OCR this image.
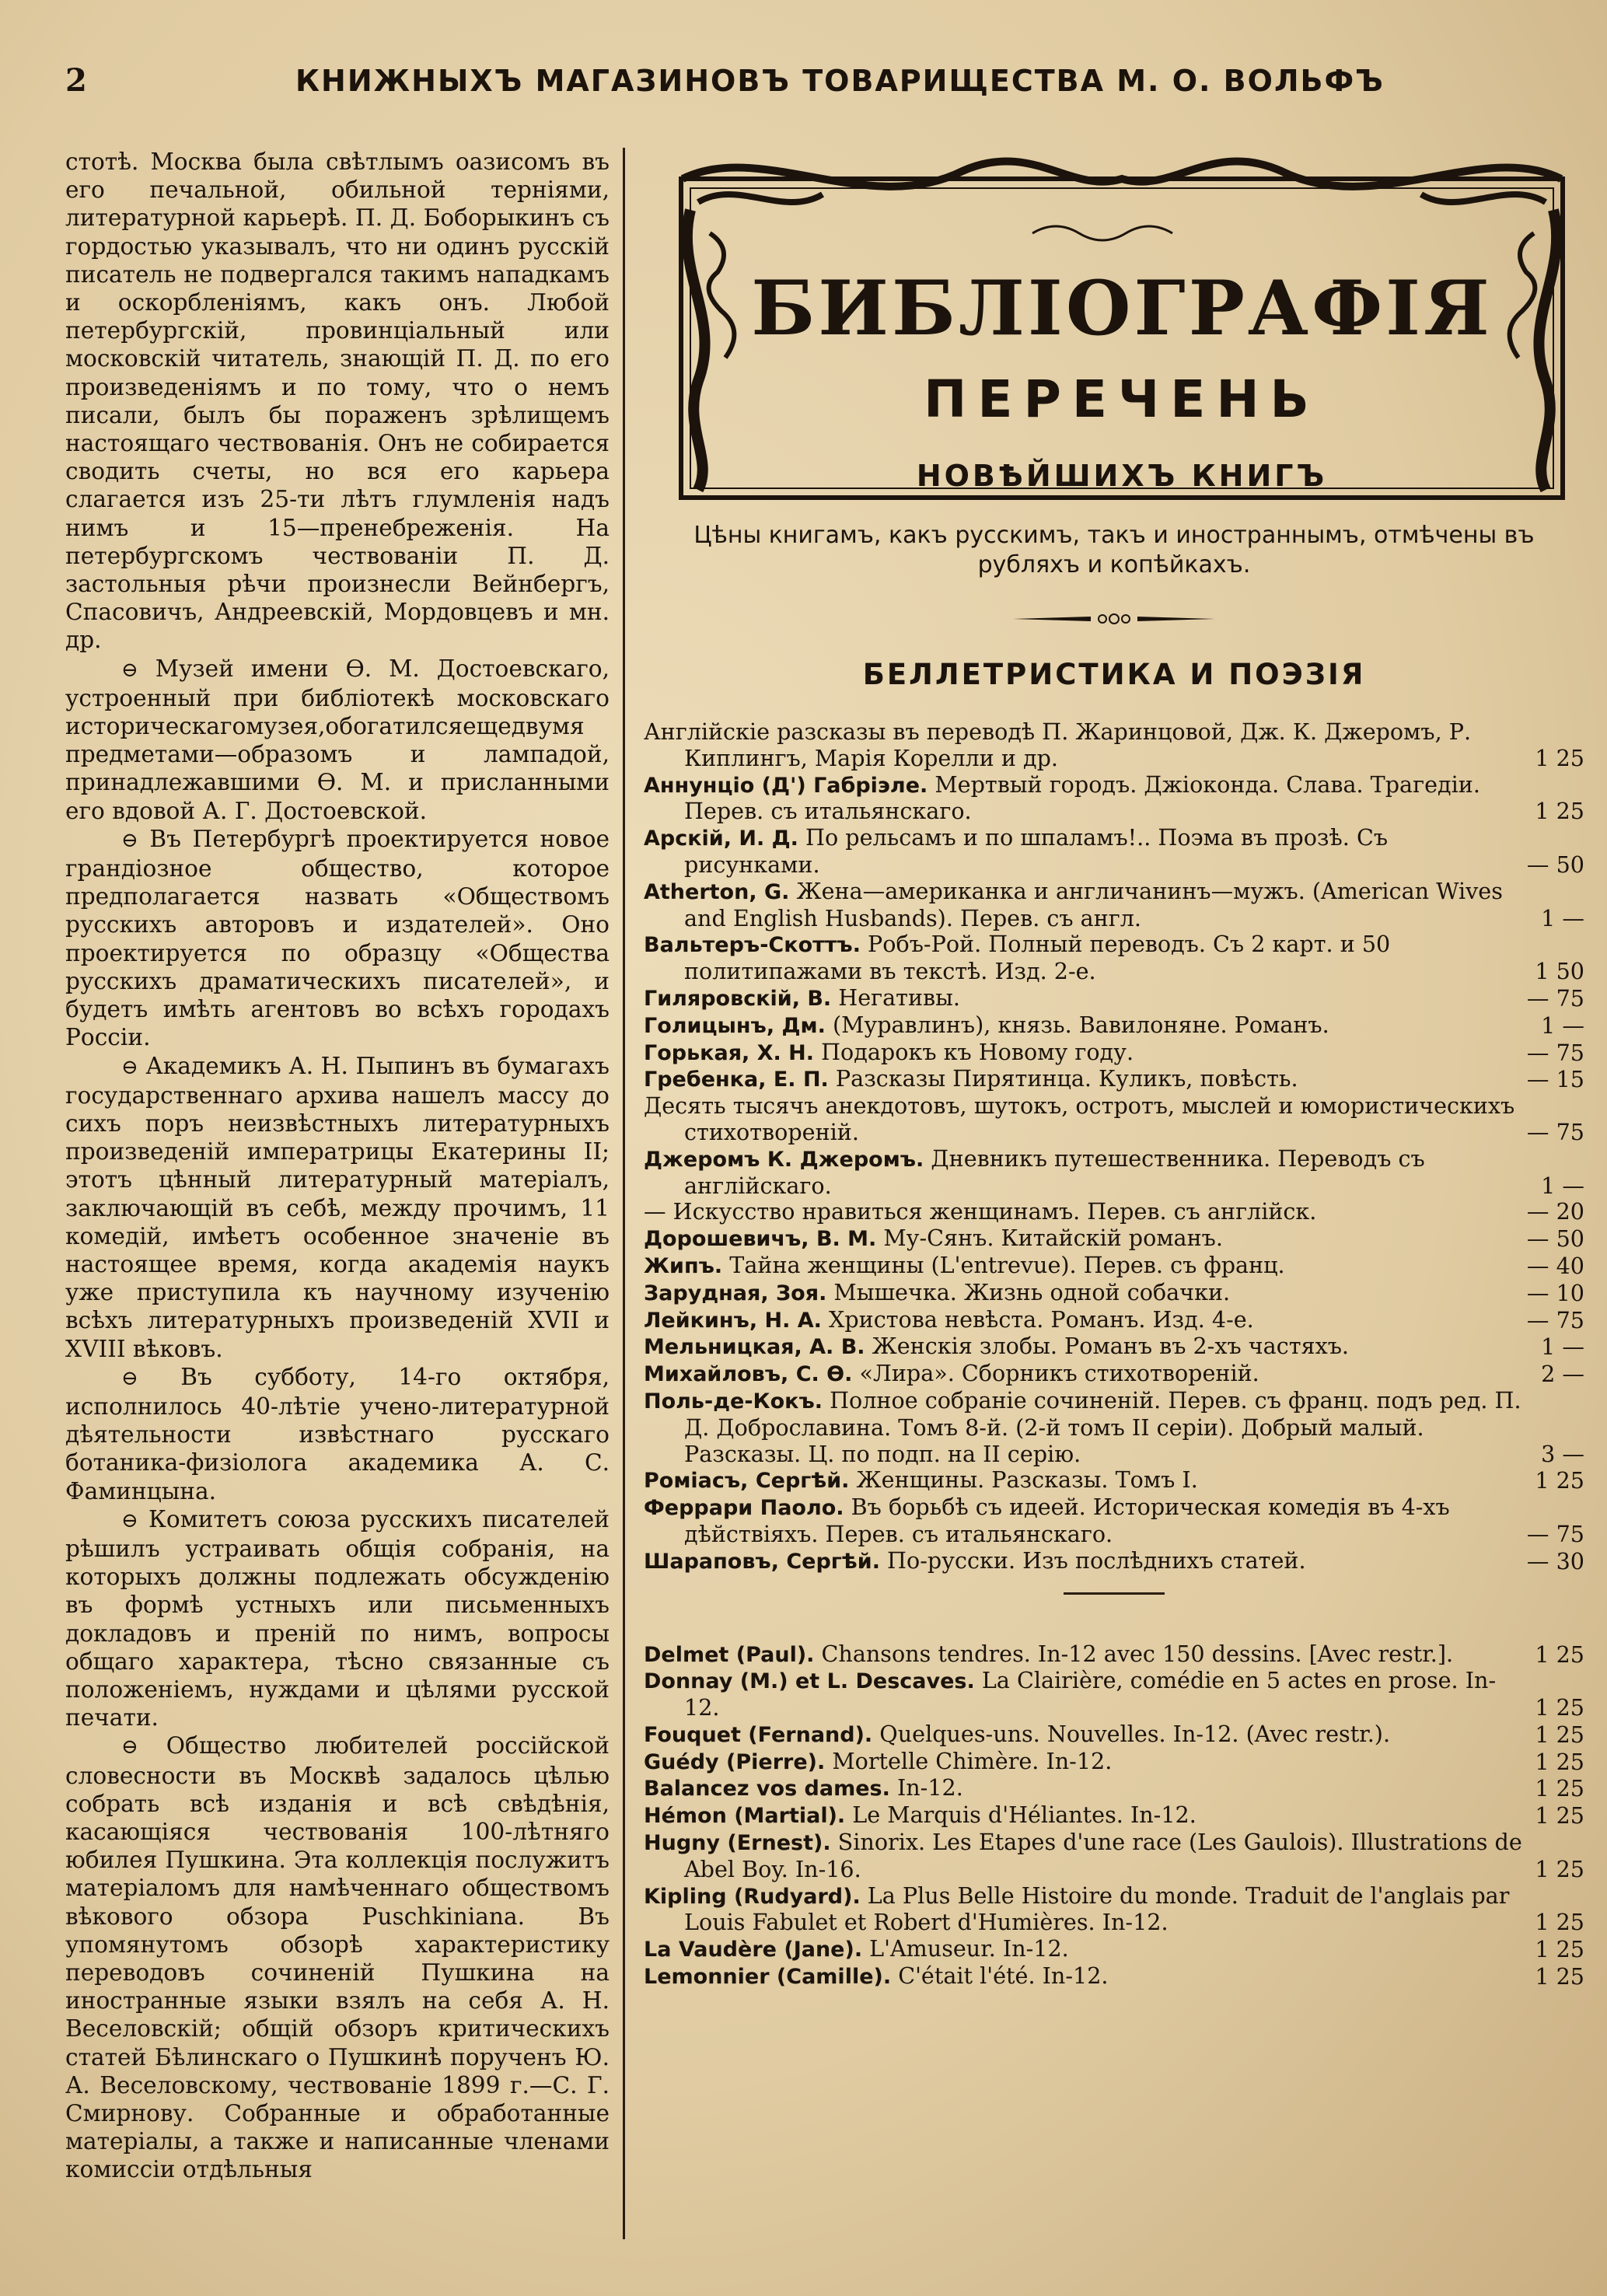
2	КНИЖНЫХЪ МАГАЗИНОВЪ ТОВАРИЩЕСТВА М. О. ВОЛЬФЪ

стотѣ. Москва была свѣтлымъ оазисомъ въ его печальной, обильной терніями, литературной карьерѣ. П. Д. Боборыкинъ съ гордостью указывалъ, что ни одинъ русскій писатель не подвергался такимъ нападкамъ и оскорбленіямъ, какъ онъ. Любой петербургскій, провинціальный или московскій читатель, знающій П. Д. по его произведеніямъ и по тому, что о немъ писали, былъ бы пораженъ зрѣлищемъ настоящаго чествованія. Онъ не собирается сводить счеты, но вся его карьера слагается изъ 25-ти лѣтъ глумленія надъ нимъ и 15—пренебреженія. На петербургскомъ чествованіи П. Д. застольныя рѣчи произнесли Вейнбергъ, Спасовичъ, Андреевскій, Мордовцевъ и мн. др.

⊖ Музей имени Ѳ. М. Достоевскаго, устроенный при библіотекѣ московскаго историческагомузея,обогатилсяещедвумя предметами—образомъ и лампадой, принадлежавшими Ѳ. М. и присланными его вдовой А. Г. Достоевской.

⊖ Въ Петербургѣ проектируется новое грандіозное общество, которое предполагается назвать «Обществомъ русскихъ авторовъ и издателей». Оно проектируется по образцу «Общества русскихъ драматическихъ писателей», и будетъ имѣть агентовъ во всѣхъ городахъ Россіи.

⊖ Академикъ А. Н. Пыпинъ въ бумагахъ государственнаго архива нашелъ массу до сихъ поръ неизвѣстныхъ литературныхъ произведеній императрицы Екатерины II; этотъ цѣнный литературный матеріалъ, заключающій въ себѣ, между прочимъ, 11 комедій, имѣетъ особенное значеніе въ настоящее время, когда академія наукъ уже приступила къ научному изученію всѣхъ литературныхъ произведеній XVII и XVIII вѣковъ.

⊖ Въ субботу, 14-го октября, исполнилось 40-лѣтіе учено-литературной дѣятельности извѣстнаго русскаго ботаника-физіолога академика А. С. Фаминцына.

⊖ Комитетъ союза русскихъ писателей рѣшилъ устраивать общія собранія, на которыхъ должны подлежать обсужденію въ формѣ устныхъ или письменныхъ докладовъ и преній по нимъ, вопросы общаго характера, тѣсно связанные съ положеніемъ, нуждами и цѣлями русской печати.

⊖ Общество любителей россійской словесности въ Москвѣ задалось цѣлью собрать всѣ изданія и всѣ свѣдѣнія, касающіяся чествованія 100-лѣтняго юбилея Пушкина. Эта коллекція послужитъ матеріаломъ для намѣченнаго обществомъ вѣкового обзора Puschkiniana. Въ упомянутомъ обзорѣ характеристику переводовъ сочиненій Пушкина на иностранные языки взялъ на себя А. Н. Веселовскій; общій обзоръ критическихъ статей Бѣлинскаго о Пушкинѣ порученъ Ю. А. Веселовскому, чествованіе 1899 г.—С. Г. Смирнову. Собранные и обработанные матеріалы, а также и написанные членами комиссіи отдѣльныя

БИБЛІОГРАФІЯ
ПЕРЕЧЕНЬ
НОВѢЙШИХЪ КНИГЪ
Цѣны книгамъ, какъ русскимъ, такъ и иностраннымъ, отмѣчены въ рубляхъ и копѣйкахъ.
БЕЛЛЕТРИСТИКА И ПОЭЗІЯ
Англійскіе разсказы въ переводѣ П. Жаринцовой, Дж. К. Джеромъ, Р. Киплингъ, Марія Корелли и др.	1 25
Аннунціо (Д') Габріэле. Мертвый городъ. Джіоконда. Слава. Трагедіи. Перев. съ итальянскаго.	1 25
Арскій, И. Д. По рельсамъ и по шпаламъ!.. Поэма въ прозѣ. Съ рисунками.	— 50
Atherton, G. Жена—американка и англичанинъ—мужъ. (American Wives and English Husbands). Перев. съ англ.	1 —
Вальтеръ-Скоттъ. Робъ-Рой. Полный переводъ. Съ 2 карт. и 50 политипажами въ текстѣ. Изд. 2-е.	1 50
Гиляровскій, В. Негативы.	— 75
Голицынъ, Дм. (Муравлинъ), князь. Вавилоняне. Романъ.	1 —
Горькая, Х. Н. Подарокъ къ Новому году.	— 75
Гребенка, Е. П. Разсказы Пирятинца. Куликъ, повѣсть.	— 15
Десять тысячъ анекдотовъ, шутокъ, остротъ, мыслей и юмористическихъ стихотвореній.	— 75
Джеромъ К. Джеромъ. Дневникъ путешественника. Переводъ съ англійскаго.	1 —
— Искусство нравиться женщинамъ. Перев. съ англійск.	— 20
Дорошевичъ, В. М. Му-Сянъ. Китайскій романъ.	— 50
Жипъ. Тайна женщины (L'entrevue). Перев. съ франц.	— 40
Зарудная, Зоя. Мышечка. Жизнь одной собачки.	— 10
Лейкинъ, Н. А. Христова невѣста. Романъ. Изд. 4-е.	— 75
Мельницкая, А. В. Женскія злобы. Романъ въ 2-хъ частяхъ.	1 —
Михайловъ, С. Ѳ. «Лира». Сборникъ стихотвореній.	2 —
Поль-де-Кокъ. Полное собраніе сочиненій. Перев. съ франц. подъ ред. П. Д. Доброславина. Томъ 8-й. (2-й томъ II серіи). Добрый малый. Разсказы. Ц. по подп. на II серію.	3 —
Роміасъ, Сергѣй. Женщины. Разсказы. Томъ I.	1 25
Феррари Паоло. Въ борьбѣ съ идеей. Историческая комедія въ 4-хъ дѣйствіяхъ. Перев. съ итальянскаго.	— 75
Шараповъ, Сергѣй. По-русски. Изъ послѣднихъ статей.	— 30
Delmet (Paul). Chansons tendres. In-12 avec 150 dessins. [Avec restr.].	1 25
Donnay (M.) et L. Descaves. La Clairière, comédie en 5 actes en prose. In-12.	1 25
Fouquet (Fernand). Quelques-uns. Nouvelles. In-12. (Avec restr.).	1 25
Guédy (Pierre). Mortelle Chimère. In-12.	1 25
Balancez vos dames. In-12.	1 25
Hémon (Martial). Le Marquis d'Héliantes. In-12.	1 25
Hugny (Ernest). Sinorix. Les Etapes d'une race (Les Gaulois). Illustrations de Abel Boy. In-16.	1 25
Kipling (Rudyard). La Plus Belle Histoire du monde. Traduit de l'anglais par Louis Fabulet et Robert d'Humières. In-12.	1 25
La Vaudère (Jane). L'Amuseur. In-12.	1 25
Lemonnier (Camille). C'était l'été. In-12.	1 25
